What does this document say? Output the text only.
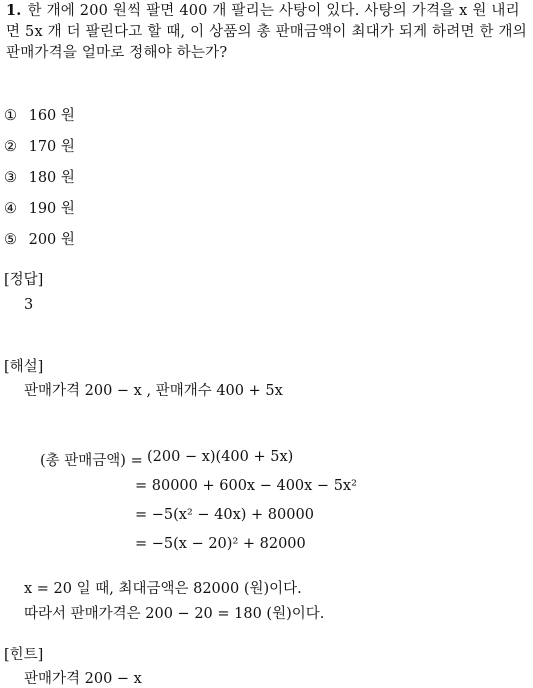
1. 한 개에 200 원씩 팔면 400 개 팔리는 사탕이 있다. 사탕의 가격을 x 원 내리면 5x 개 더 팔린다고 할 때, 이 상품의 총 판매금액이 최대가 되게 하려면 한 개의 판매가격을 얼마로 정해야 하는가?
① 160 원
② 170 원
③ 180 원
④ 190 원
⑤ 200 원
[정답]
3
[해설]
판매가격 200 − x , 판매개수 400 + 5x
(총 판매금액) = (200 − x)(400 + 5x)
= 80000 + 600x − 400x − 5x²
= −5(x² − 40x) + 80000
= −5(x − 20)² + 82000
x = 20 일 때, 최대금액은 82000 (원)이다.
따라서 판매가격은 200 − 20 = 180 (원)이다.
[힌트]
판매가격 200 − x
